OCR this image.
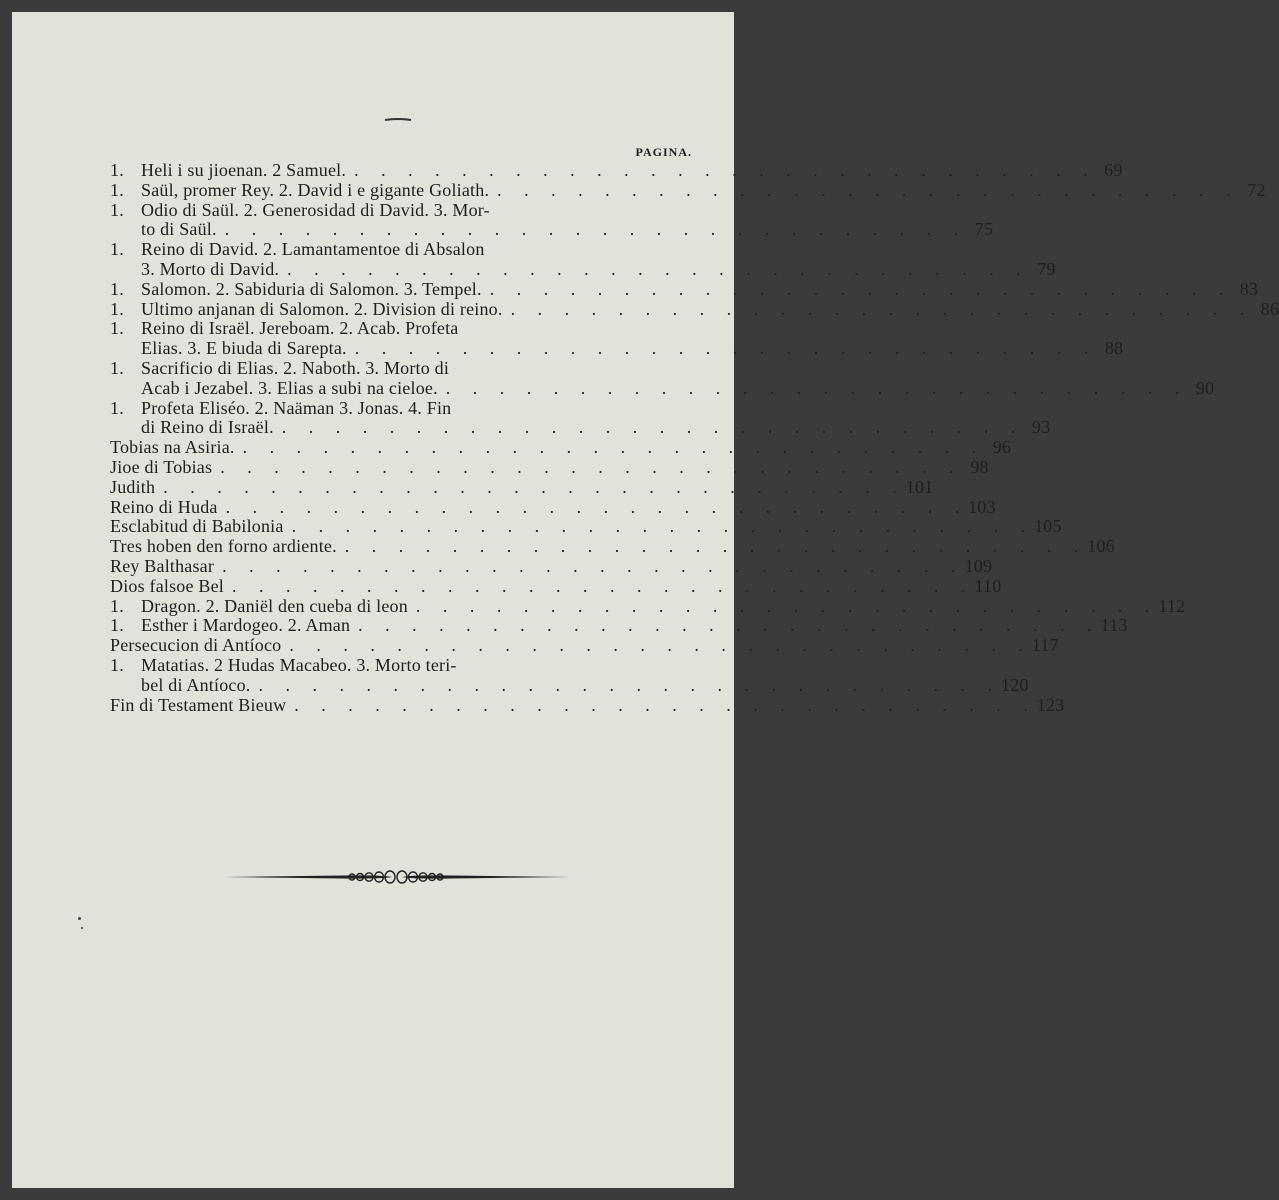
PAGINA.
1. Heli i su jioenan. 2 Samuel. . . . . . . . . . . . . . . . . . . . . . . . . . . . . 69
1. Saül, promer Rey. 2. David i e gigante Goliath. . . . . . . . . . . . . . . . . . . . . . . . . . . . . 72
1. Odio di Saül. 2. Generosidad di David. 3. Mor-
to di Saül. . . . . . . . . . . . . . . . . . . . . . . . . . . . . 75
1. Reino di David. 2. Lamantamentoe di Absalon
3. Morto di David. . . . . . . . . . . . . . . . . . . . . . . . . . . . . 79
1. Salomon. 2. Sabiduria di Salomon. 3. Tempel. . . . . . . . . . . . . . . . . . . . . . . . . . . . . 83
1. Ultimo anjanan di Salomon. 2. Division di reino. . . . . . . . . . . . . . . . . . . . . . . . . . . . . 86
1. Reino di Israël. Jereboam. 2. Acab. Profeta
Elias. 3. E biuda di Sarepta. . . . . . . . . . . . . . . . . . . . . . . . . . . . . 88
1. Sacrificio di Elias. 2. Naboth. 3. Morto di
Acab i Jezabel. 3. Elias a subi na cieloe. . . . . . . . . . . . . . . . . . . . . . . . . . . . . 90
1. Profeta Eliséo. 2. Naäman 3. Jonas. 4. Fin
di Reino di Israël. . . . . . . . . . . . . . . . . . . . . . . . . . . . . 93
Tobias na Asiria. . . . . . . . . . . . . . . . . . . . . . . . . . . . . 96
Jioe di Tobias . . . . . . . . . . . . . . . . . . . . . . . . . . . . 98
Judith . . . . . . . . . . . . . . . . . . . . . . . . . . . . 101
Reino di Huda . . . . . . . . . . . . . . . . . . . . . . . . . . . . 103
Esclabitud di Babilonia . . . . . . . . . . . . . . . . . . . . . . . . . . . . 105
Tres hoben den forno ardiente. . . . . . . . . . . . . . . . . . . . . . . . . . . . . 106
Rey Balthasar . . . . . . . . . . . . . . . . . . . . . . . . . . . . 109
Dios falsoe Bel . . . . . . . . . . . . . . . . . . . . . . . . . . . . 110
1. Dragon. 2. Daniël den cueba di leon . . . . . . . . . . . . . . . . . . . . . . . . . . . . 112
1. Esther i Mardogeo. 2. Aman . . . . . . . . . . . . . . . . . . . . . . . . . . . . 113
Persecucion di Antíoco . . . . . . . . . . . . . . . . . . . . . . . . . . . . 117
1. Matatias. 2 Hudas Macabeo. 3. Morto teri-
bel di Antíoco. . . . . . . . . . . . . . . . . . . . . . . . . . . . . 120
Fin di Testament Bieuw . . . . . . . . . . . . . . . . . . . . . . . . . . . . 123
